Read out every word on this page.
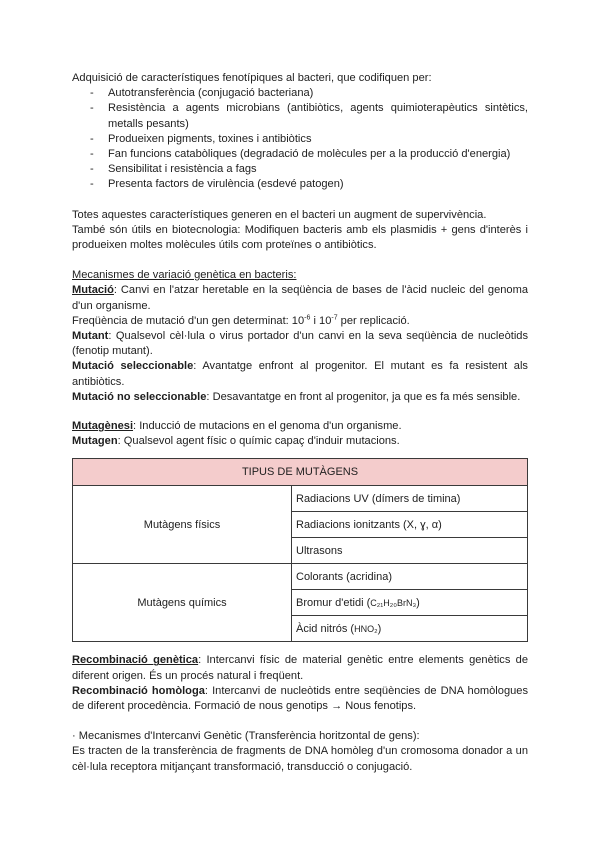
Adquisició de característiques fenotípiques al bacteri, que codifiquen per:

- Autotransferència (conjugació bacteriana)
- Resistència a agents microbians (antibiòtics, agents quimioterapèutics sintètics, metalls pesants)
- Produeixen pigments, toxines i antibiòtics
- Fan funcions catabòliques (degradació de molècules per a la producció d'energia)
- Sensibilitat i resistència a fags
- Presenta factors de virulència (esdevé patogen)

Totes aquestes característiques generen en el bacteri un augment de supervivència.

També són útils en biotecnologia: Modifiquen bacteris amb els plasmidis + gens d'interès i produeixen moltes molècules útils com proteïnes o antibiòtics.

Mecanismes de variació genètica en bacteris:

Mutació: Canvi en l'atzar heretable en la seqüència de bases de l'àcid nucleic del genoma d'un organisme.

Freqüència de mutació d'un gen determinat: $10^{-6}$ i $10^{-7}$ per replicació.

Mutant: Qualsevol cèl·lula o virus portador d'un canvi en la seva seqüència de nucleòtids (fenotip mutant).

Mutació seleccionable: Avantatge enfront al progenitor. El mutant es fa resistent als antibiòtics.

Mutació no seleccionable: Desavantatge en front al progenitor, ja que es fa més sensible.

Mutagènesi: Inducció de mutacions en el genoma d'un organisme.

Mutagen: Qualsevol agent físic o químic capaç d'induir mutacions.

TIPUS DE MUTÀGENS	
Mutàgens físics	Radiacions UV (dímers de timina)
	Radiacions ionitzants (X, ɣ, α)
	Ultrasons
Mutàgens químics	Colorants (acridina)
	Bromur d'etidi (C₂₁H₂₀BrN₃)
	Àcid nitrós (HNO₂)

Recombinació genètica: Intercanvi físic de material genètic entre elements genètics de diferent origen. És un procés natural i freqüent.

Recombinació homòloga: Intercanvi de nucleòtids entre seqüències de DNA homòlogues de diferent procedència. Formació de nous genotips → Nous fenotips.

· Mecanismes d'Intercanvi Genètic (Transferència horitzontal de gens):

Es tracten de la transferència de fragments de DNA homòleg d'un cromosoma donador a un cèl·lula receptora mitjançant transformació, transducció o conjugació.
